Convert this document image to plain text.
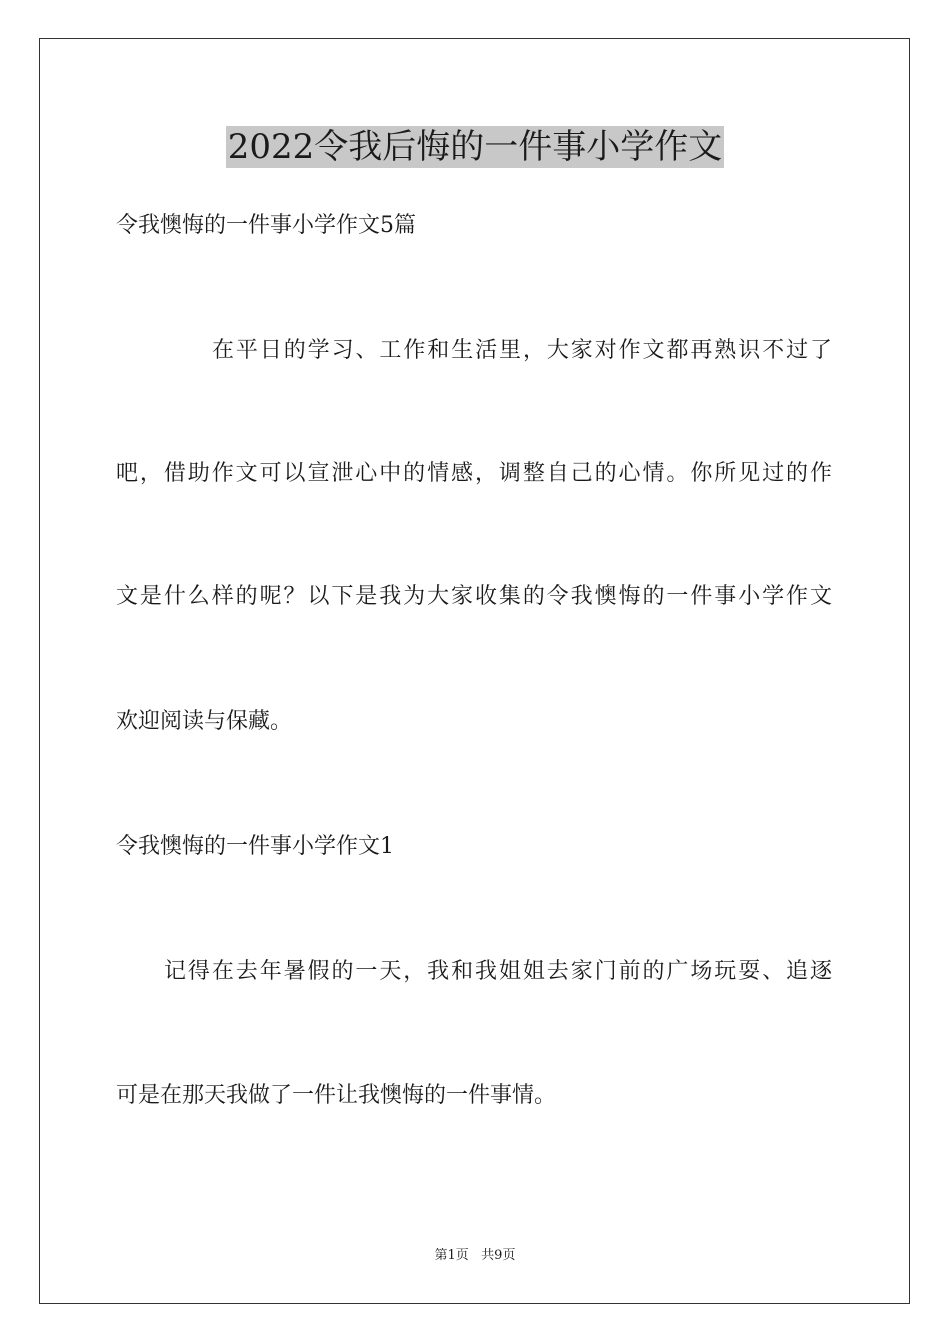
2022令我后悔的一件事小学作文
令我懊悔的一件事小学作文5篇
在平日的学习、工作和生活里，大家对作文都再熟识不过了
吧，借助作文可以宣泄心中的情感，调整自己的心情。你所见过的作
文是什么样的呢？以下是我为大家收集的令我懊悔的一件事小学作文
欢迎阅读与保藏。
令我懊悔的一件事小学作文1
记得在去年暑假的一天，我和我姐姐去家门前的广场玩耍、追逐
可是在那天我做了一件让我懊悔的一件事情。
第1页   共9页
